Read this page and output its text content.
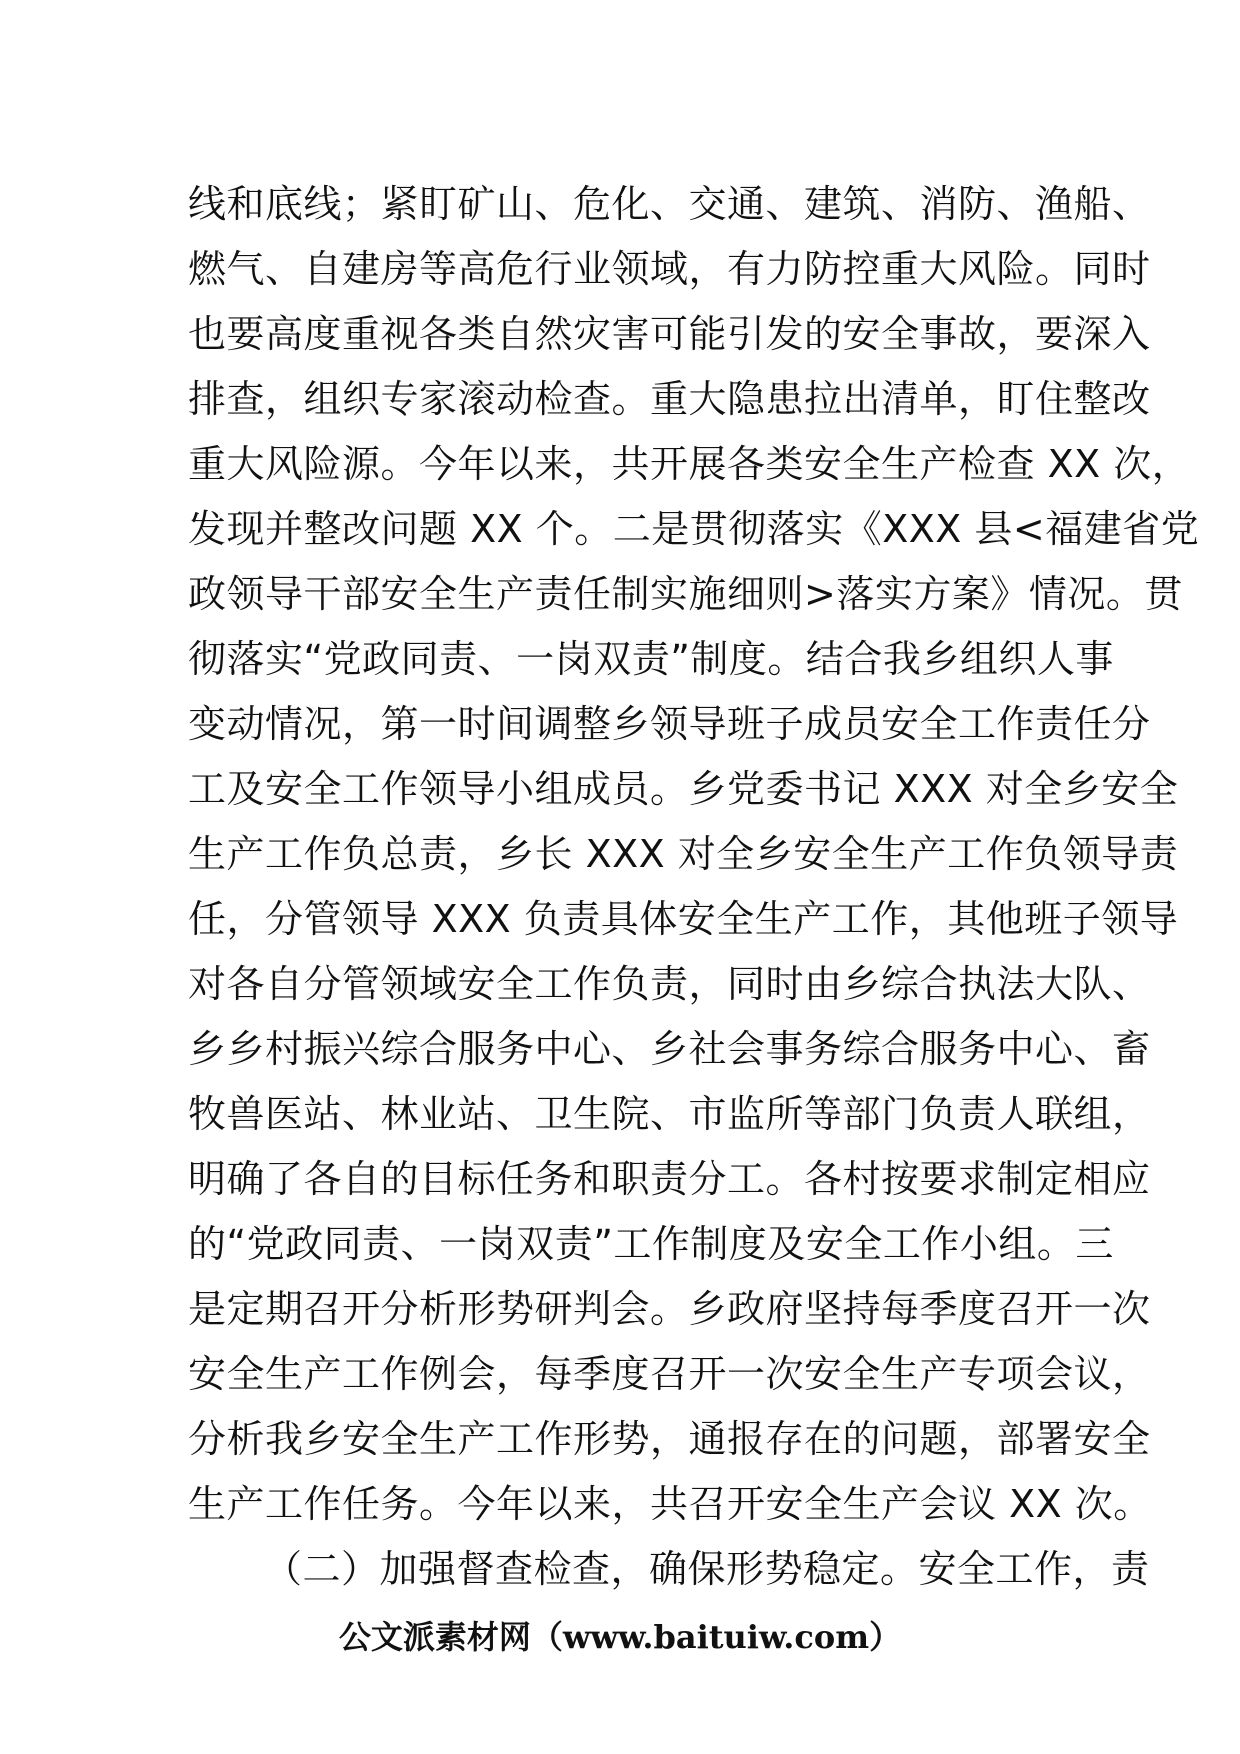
线和底线；紧盯矿山、危化、交通、建筑、消防、渔船、
燃气、自建房等高危行业领域，有力防控重大风险。同时
也要高度重视各类自然灾害可能引发的安全事故，要深入
排查，组织专家滚动检查。重大隐患拉出清单，盯住整改
重大风险源。今年以来，共开展各类安全生产检查 XX 次，
发现并整改问题 XX 个。二是贯彻落实《XXX 县<福建省党
政领导干部安全生产责任制实施细则>落实方案》情况。贯
彻落实“党政同责、一岗双责”制度。结合我乡组织人事
变动情况，第一时间调整乡领导班子成员安全工作责任分
工及安全工作领导小组成员。乡党委书记 XXX 对全乡安全
生产工作负总责，乡长 XXX 对全乡安全生产工作负领导责
任，分管领导 XXX 负责具体安全生产工作，其他班子领导
对各自分管领域安全工作负责，同时由乡综合执法大队、
乡乡村振兴综合服务中心、乡社会事务综合服务中心、畜
牧兽医站、林业站、卫生院、市监所等部门负责人联组，
明确了各自的目标任务和职责分工。各村按要求制定相应
的“党政同责、一岗双责”工作制度及安全工作小组。三
是定期召开分析形势研判会。乡政府坚持每季度召开一次
安全生产工作例会，每季度召开一次安全生产专项会议，
分析我乡安全生产工作形势，通报存在的问题，部署安全
生产工作任务。今年以来，共召开安全生产会议 XX 次。
（二）加强督查检查，确保形势稳定。安全工作，责
公文派素材网（www.baituiw.com）
